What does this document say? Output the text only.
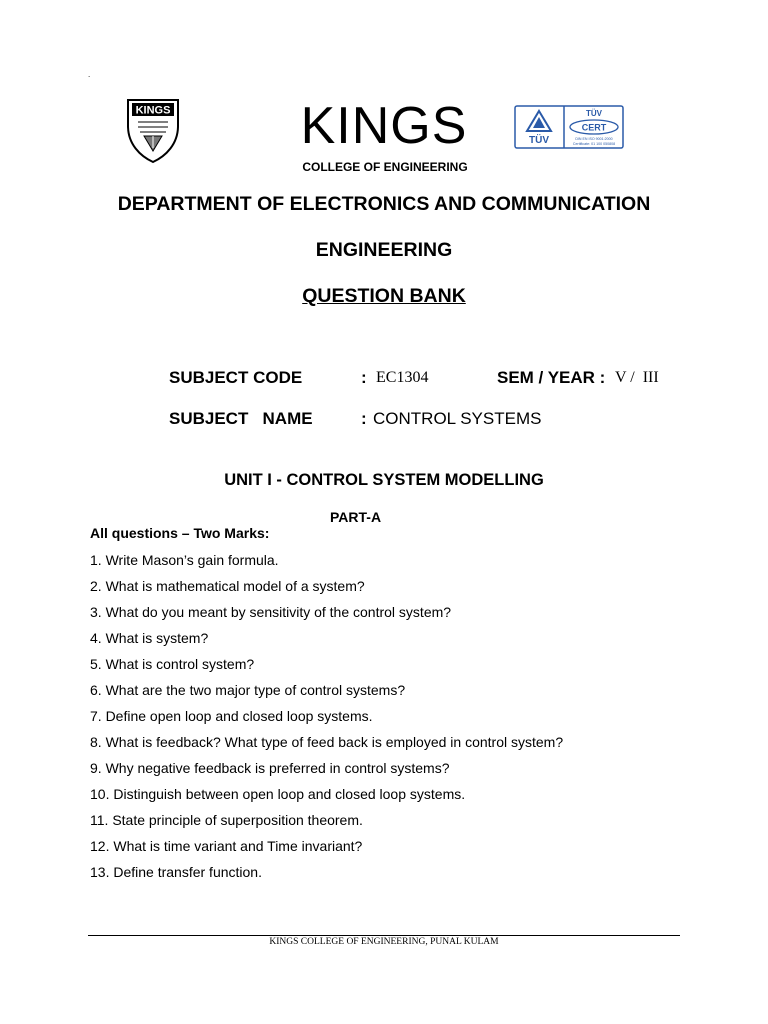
.
KINGS	KINGS
COLLEGE OF ENGINEERING
TÜV
TÜV
CERT
DIN EN ISO 9001:2000
Certificate: 01 100 050808
DEPARTMENT OF ELECTRONICS AND COMMUNICATION
ENGINEERING
QUESTION BANK
SUBJECT CODE	: EC1304	SEM / YEAR : V /  III
SUBJECT   NAME	: CONTROL SYSTEMS
UNIT I - CONTROL SYSTEM MODELLING
PART-A
All questions – Two Marks:
1. Write Mason’s gain formula.
2. What is mathematical model of a system?
3. What do you meant by sensitivity of the control system?
4. What is system?
5. What is control system?
6. What are the two major type of control systems?
7. Define open loop and closed loop systems.
8. What is feedback? What type of feed back is employed in control system?
9. Why negative feedback is preferred in control systems?
10. Distinguish between open loop and closed loop systems.
11. State principle of superposition theorem.
12. What is time variant and Time invariant?
13. Define transfer function.
KINGS COLLEGE OF ENGINEERING, PUNAL KULAM
